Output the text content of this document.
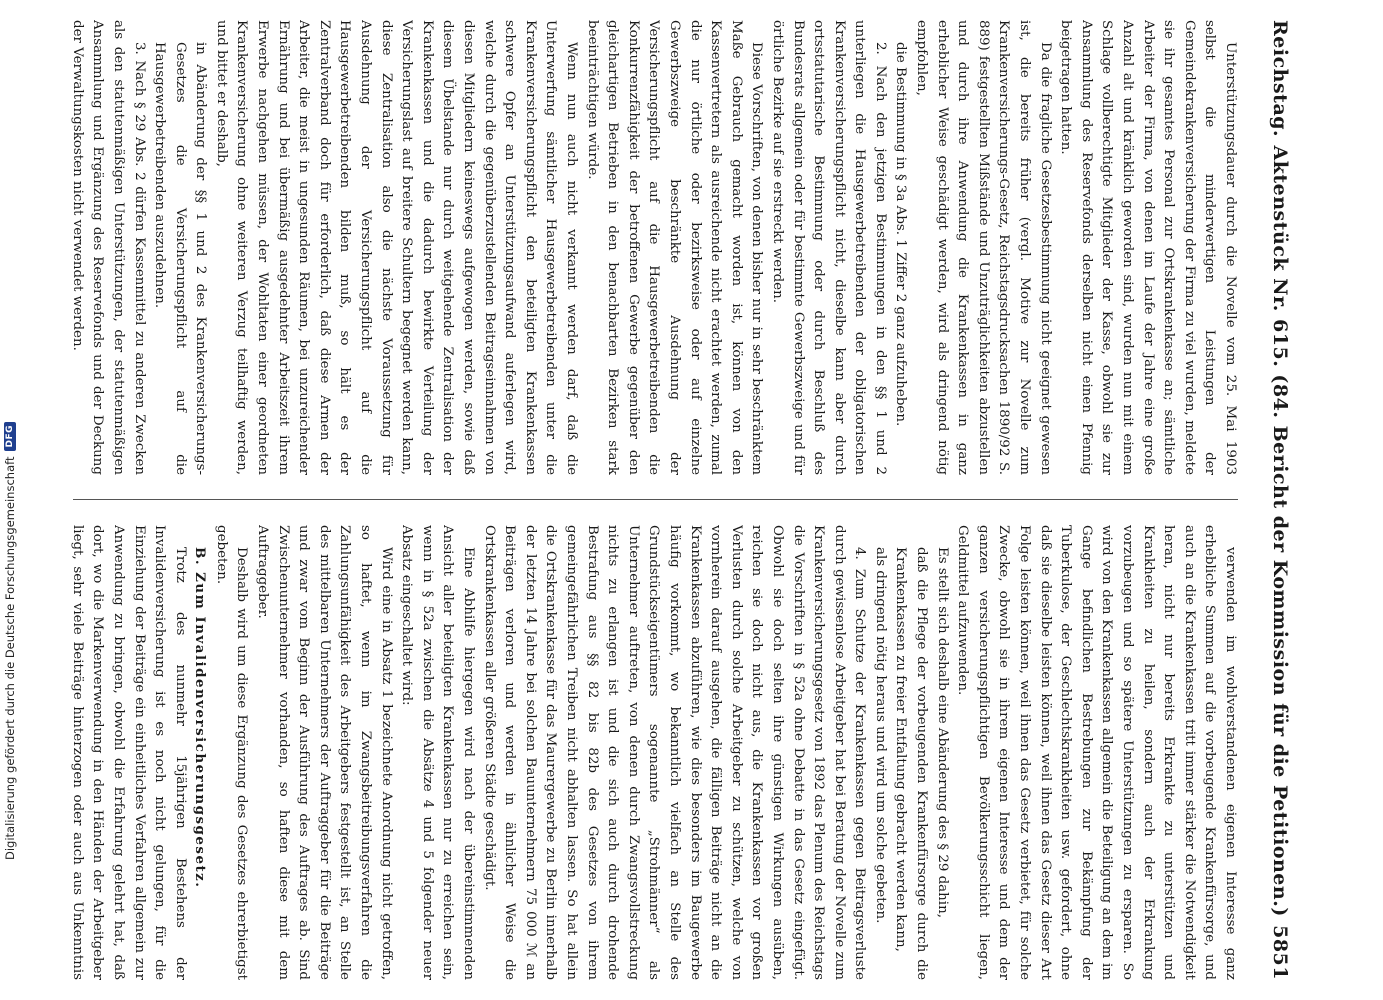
Reichstag.
Aktenstück Nr. 615. (84. Bericht der Kommission für die Petitionen.)
5851

Unterstützungsdauer durch die Novelle vom 25. Mai 1903 selbst die minderwertigen Leistungen der Gemeindekrankenversicherung der Firma zu viel wurden, meldete sie ihr gesamtes Personal zur Ortskrankenkasse an; sämtliche Arbeiter der Firma, von denen im Laufe der Jahre eine große Anzahl alt und kränklich geworden sind, wurden nun mit einem Schlage vollberechtigte Mitglieder der Kasse, obwohl sie zur Ansammlung des Reservefonds derselben nicht einen Pfennig beigetragen hatten.

Da die fragliche Gesetzesbestimmung nicht geeignet gewesen ist, die bereits früher (vergl. Motive zur Novelle zum Krankenversicherungs-Gesetz, Reichstagsdrucksachen 1890/92 S. 889) festgestellten Mißstände und Unzuträglichkeiten abzustellen und durch ihre Anwendung die Krankenkassen in ganz erheblicher Weise geschädigt werden, wird als dringend nötig empfohlen,

die Bestimmung in § 3a Abs. 1 Ziffer 2 ganz aufzuheben.

2. Nach den jetzigen Bestimmungen in den §§ 1 und 2 unterliegen die Hausgewerbetreibenden der obligatorischen Krankenversicherungspflicht nicht, dieselbe kann aber durch ortsstatutarische Bestimmung oder durch Beschluß des Bundesrats allgemein oder für bestimmte Gewerbszweige und für örtliche Bezirke auf sie erstreckt werden.

Diese Vorschriften, von denen bisher nur in sehr beschränktem Maße Gebrauch gemacht worden ist, können von den Kassenvertretern als ausreichende nicht erachtet werden, zumal die nur örtliche oder bezirksweise oder auf einzelne Gewerbszweige beschränkte Ausdehnung der Versicherungspflicht auf die Hausgewerbetreibenden die Konkurrenzfähigkeit der betroffenen Gewerbe gegenüber den gleichartigen Betrieben in den benachbarten Bezirken stark beeinträchtigen würde.

Wenn nun auch nicht verkannt werden darf, daß die Unterwerfung sämtlicher Hausgewerbetreibenden unter die Krankenversicherungspflicht den beteiligten Krankenkassen schwere Opfer an Unterstützungsaufwand auferlegen wird, welche durch die gegenüberzustellenden Beitragseinnahmen von diesen Mitgliedern keineswegs aufgewogen werden, sowie daß diesem Übelstande nur durch weitgehende Zentralisation der Krankenkassen und die dadurch bewirkte Verteilung der Versicherungslast auf breitere Schultern begegnet werden kann, diese Zentralisation also die nächste Voraussetzung für Ausdehnung der Versicherungspflicht auf die Hausgewerbetreibenden bilden muß, so hält es der Zentralverband doch für erforderlich, daß diese Armen der Arbeiter, die meist in ungesunden Räumen, bei unzureichender Ernährung und bei übermäßig ausgedehnter Arbeitszeit ihrem Erwerbe nachgehen müssen, der Wohltaten einer geordneten Krankenversicherung ohne weiteren Verzug teilhaftig werden, und bittet er deshalb,

in Abänderung der §§ 1 und 2 des Krankenversicherungs-Gesetzes die Versicherungspflicht auf die Hausgewerbetreibenden auszudehnen.

3. Nach § 29 Abs. 2 dürfen Kassenmittel zu anderen Zwecken als den statutenmäßigen Unterstützungen, der statutenmäßigen Ansammlung und Ergänzung des Reservefonds und der Deckung der Verwaltungskosten nicht verwendet werden.

verwenden im wohlverstandenen eigenen Interesse ganz erhebliche Summen auf die vorbeugende Krankenfürsorge, und auch an die Krankenkassen tritt immer stärker die Notwendigkeit heran, nicht nur bereits Erkrankte zu unterstützen und Krankheiten zu heilen, sondern auch der Erkrankung vorzubeugen und so spätere Unterstützungen zu ersparen. So wird von den Krankenkassen allgemein die Beteiligung an dem im Gange befindlichen Bestrebungen zur Bekämpfung der Tuberkulose, der Geschlechtskrankheiten usw. gefordert, ohne daß sie dieselbe leisten können, weil ihnen das Gesetz dieser Art Folge leisten können, weil ihnen das Gesetz verbietet, für solche Zwecke, obwohl sie in ihrem eigenen Interesse und dem der ganzen versicherungspflichtigen Bevölkerungsschicht liegen, Geldmittel aufzuwenden.

Es stellt sich deshalb eine Abänderung des § 29 dahin,

daß die Pflege der vorbeugenden Krankenfürsorge durch die Krankenkassen zu freier Entfaltung gebracht werden kann,

als dringend nötig heraus und wird um solche gebeten.

4. Zum Schutze der Krankenkassen gegen Beitragsverluste durch gewissenlose Arbeitgeber hat bei Beratung der Novelle zum Krankenversicherungsgesetz von 1892 das Plenum des Reichstags die Vorschriften in § 52a ohne Debatte in das Gesetz eingefügt. Obwohl sie doch selten ihre günstigen Wirkungen ausüben, reichen sie doch nicht aus, die Krankenkassen vor großen Verlusten durch solche Arbeitgeber zu schützen, welche von vornherein darauf ausgehen, die fälligen Beiträge nicht an die Krankenkassen abzuführen, wie dies besonders im Baugewerbe häufig vorkommt, wo bekanntlich vielfach an Stelle des Grundstückseigentümers sogenannte „Strohmänner“ als Unternehmer auftreten, von denen durch Zwangsvollstreckung nichts zu erlangen ist und die sich auch durch drohende Bestrafung aus §§ 82 bis 82b des Gesetzes von ihrem gemeingefährlichen Treiben nicht abhalten lassen. So hat allein die Ortskrankenkasse für das Maurergewerbe zu Berlin innerhalb der letzten 14 Jahre bei solchen Bauunternehmern 75 000 ℳ an Beiträgen verloren und werden in ähnlicher Weise die Ortskrankenkassen aller größeren Städte geschädigt.

Eine Abhilfe hiergegen wird nach der übereinstimmenden Ansicht aller beteiligten Krankenkassen nur zu erreichen sein, wenn in § 52a zwischen die Absätze 4 und 5 folgender neuer Absatz eingeschaltet wird:

Wird eine in Absatz 1 bezeichnete Anordnung nicht getroffen, so haftet, wenn im Zwangsbeitreibungsverfahren die Zahlungsunfähigkeit des Arbeitgebers festgestellt ist, an Stelle des mittelbaren Unternehmers der Auftraggeber für die Beiträge und zwar vom Beginn der Ausführung des Auftrages ab. Sind Zwischenunternehmer vorhanden, so haften diese mit dem Auftraggeber.

Deshalb wird um diese Ergänzung des Gesetzes ehrerbietigst gebeten.

B. Zum Invalidenversicherungsgesetz.

Trotz des nunmehr 15jährigen Bestehens der Invalidenversicherung ist es noch nicht gelungen, für die Einziehung der Beiträge ein einheitliches Verfahren allgemein zur Anwendung zu bringen, obwohl die Erfahrung gelehrt hat, daß dort, wo die Markenverwendung in den Händen der Arbeitgeber liegt, sehr viele Beiträge hinterzogen oder auch aus Unkenntnis

Digitalisierung gefördert durch die Deutsche Forschungsgemeinschaft
DFG
